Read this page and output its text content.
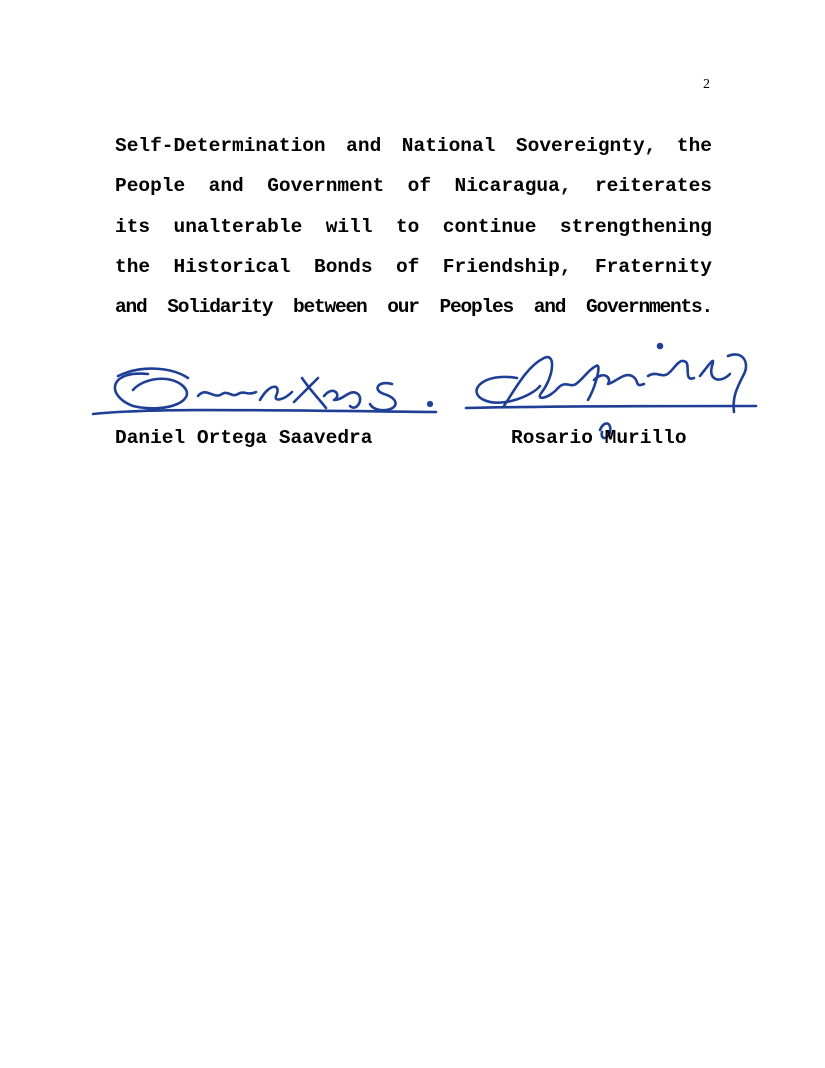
2
Self-Determination and National Sovereignty, the
People and Government of Nicaragua, reiterates
its unalterable will to continue strengthening
the Historical Bonds of Friendship, Fraternity
and Solidarity between our Peoples and Governments.
Daniel Ortega Saavedra	Rosario Murillo
